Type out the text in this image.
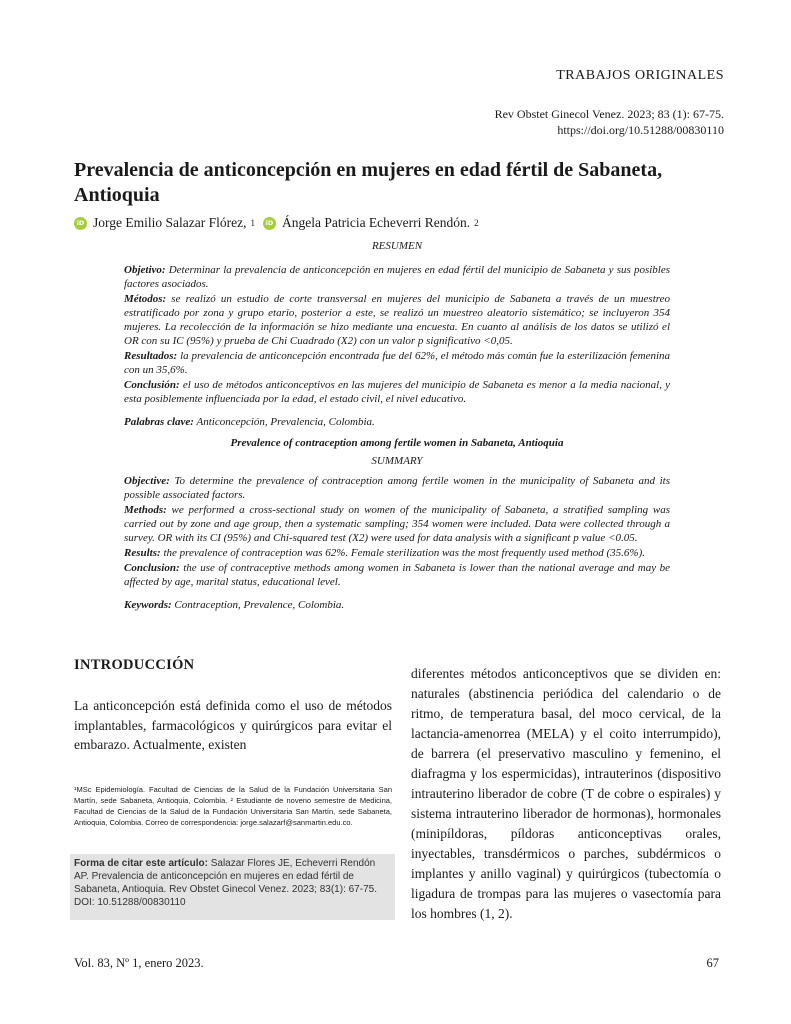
TRABAJOS ORIGINALES
Rev Obstet Ginecol Venez. 2023; 83 (1): 67-75.
https://doi.org/10.51288/00830110
Prevalencia de anticoncepción en mujeres en edad fértil de Sabaneta, Antioquia
iD Jorge Emilio Salazar Flórez, 1	iD Ángela Patricia Echeverri Rendón. 2
RESUMEN

Objetivo: Determinar la prevalencia de anticoncepción en mujeres en edad fértil del municipio de Sabaneta y sus posibles factores asociados.

Métodos: se realizó un estudio de corte transversal en mujeres del municipio de Sabaneta a través de un muestreo estratificado por zona y grupo etario, posterior a este, se realizó un muestreo aleatorio sistemático; se incluyeron 354 mujeres. La recolección de la información se hizo mediante una encuesta. En cuanto al análisis de los datos se utilizó el OR con su IC (95%) y prueba de Chi Cuadrado (X2) con un valor p significativo <0,05.

Resultados: la prevalencia de anticoncepción encontrada fue del 62%, el método más común fue la esterilización femenina con un 35,6%.

Conclusión: el uso de métodos anticonceptivos en las mujeres del municipio de Sabaneta es menor a la media nacional, y esta posiblemente influenciada por la edad, el estado civil, el nivel educativo.

Palabras clave: Anticoncepción, Prevalencia, Colombia.

Prevalence of contraception among fertile women in Sabaneta, Antioquia
SUMMARY

Objective: To determine the prevalence of contraception among fertile women in the municipality of Sabaneta and its possible associated factors.

Methods: we performed a cross-sectional study on women of the municipality of Sabaneta, a stratified sampling was carried out by zone and age group, then a systematic sampling; 354 women were included. Data were collected through a survey. OR with its CI (95%) and Chi-squared test (X2) were used for data analysis with a significant p value <0.05.

Results: the prevalence of contraception was 62%. Female sterilization was the most frequently used method (35.6%).

Conclusion: the use of contraceptive methods among women in Sabaneta is lower than the national average and may be affected by age, marital status, educational level.

Keywords: Contraception, Prevalence, Colombia.

INTRODUCCIÓN
La anticoncepción está definida como el uso de métodos implantables, farmacológicos y quirúrgicos para evitar el embarazo. Actualmente, existen
diferentes métodos anticonceptivos que se dividen en: naturales (abstinencia periódica del calendario o de ritmo, de temperatura basal, del moco cervical, de la lactancia-amenorrea (MELA) y el coito interrumpido), de barrera (el preservativo masculino y femenino, el diafragma y los espermicidas), intrauterinos (dispositivo intrauterino liberador de cobre (T de cobre o espirales) y sistema intrauterino liberador de hormonas), hormonales (minipíldoras, píldoras anticonceptivas orales, inyectables, transdérmicos o parches, subdérmicos o implantes y anillo vaginal) y quirúrgicos (tubectomía o ligadura de trompas para las mujeres o vasectomía para los hombres (1, 2).
¹MSc Epidemiología. Facultad de Ciencias de la Salud de la Fundación Universitaria San Martín, sede Sabaneta, Antioquia, Colombia. ² Estudiante de noveno semestre de Medicina, Facultad de Ciencias de la Salud de la Fundación Universitaria San Martín, sede Sabaneta, Antioquia, Colombia. Correo de correspondencia: jorge.salazarf@sanmartin.edu.co.
Forma de citar este artículo: Salazar Flores JE, Echeverri Rendón AP. Prevalencia de anticoncepción en mujeres en edad fértil de Sabaneta, Antioquia. Rev Obstet Ginecol Venez. 2023; 83(1): 67-75. DOI: 10.51288/00830110
Vol. 83, Nº 1, enero 2023.	67
